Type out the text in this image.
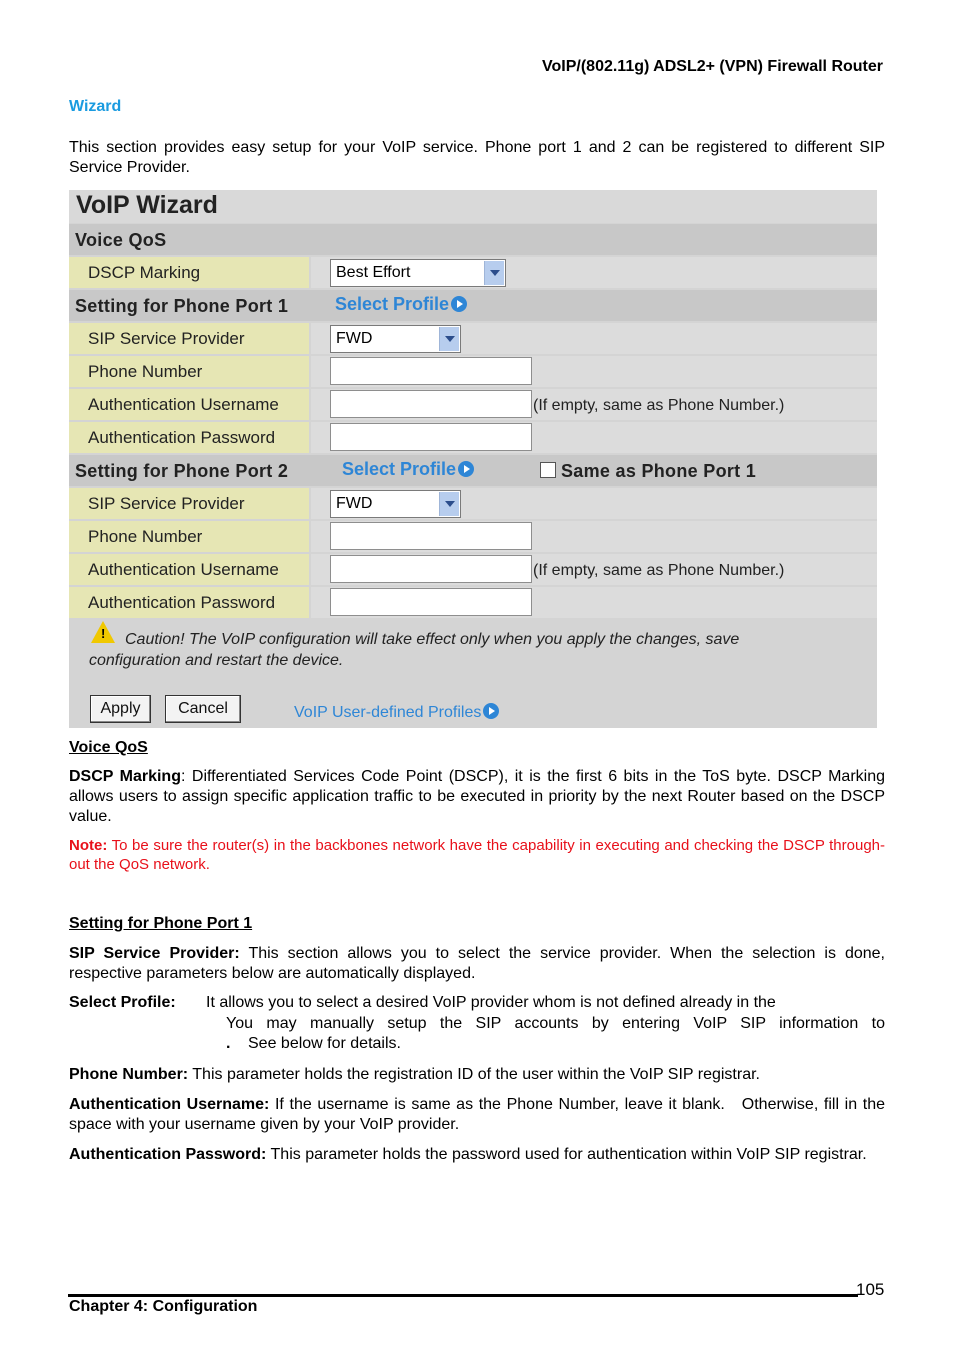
VoIP/(802.11g) ADSL2+ (VPN) Firewall Router
Wizard
This section provides easy setup for your VoIP service. Phone port 1 and 2 can be registered to different SIP Service Provider.
VoIP Wizard
Voice QoS
DSCP Marking	Best Effort
Setting for Phone Port 1	Select Profile
SIP Service Provider	FWD
Phone Number
Authentication Username	(If empty, same as Phone Number.)
Authentication Password
Setting for Phone Port 2	Select Profile	Same as Phone Port 1
SIP Service Provider	FWD
Phone Number
Authentication Username	(If empty, same as Phone Number.)
Authentication Password
!	Caution! The VoIP configuration will take effect only when you apply the changes, save configuration and restart the device.
Apply	Cancel	VoIP User-defined Profiles
Voice QoS
DSCP Marking: Differentiated Services Code Point (DSCP), it is the first 6 bits in the ToS byte. DSCP Marking allows users to assign specific application traffic to be executed in priority by the next Router based on the DSCP value.
Note: To be sure the router(s) in the backbones network have the capability in executing and checking the DSCP through-out the QoS network.
Setting for Phone Port 1
SIP Service Provider: This section allows you to select the service provider. When the selection is done, respective parameters below are automatically displayed.
Select Profile: It allows you to select a desired VoIP provider whom is not defined already in the
You may manually setup the SIP accounts by entering VoIP SIP information to
. See below for details.
Phone Number: This parameter holds the registration ID of the user within the VoIP SIP registrar.
Authentication Username: If the username is same as the Phone Number, leave it blank.   Otherwise, fill in the space with your username given by your VoIP provider.
Authentication Password: This parameter holds the password used for authentication within VoIP SIP registrar.
105
Chapter 4: Configuration
